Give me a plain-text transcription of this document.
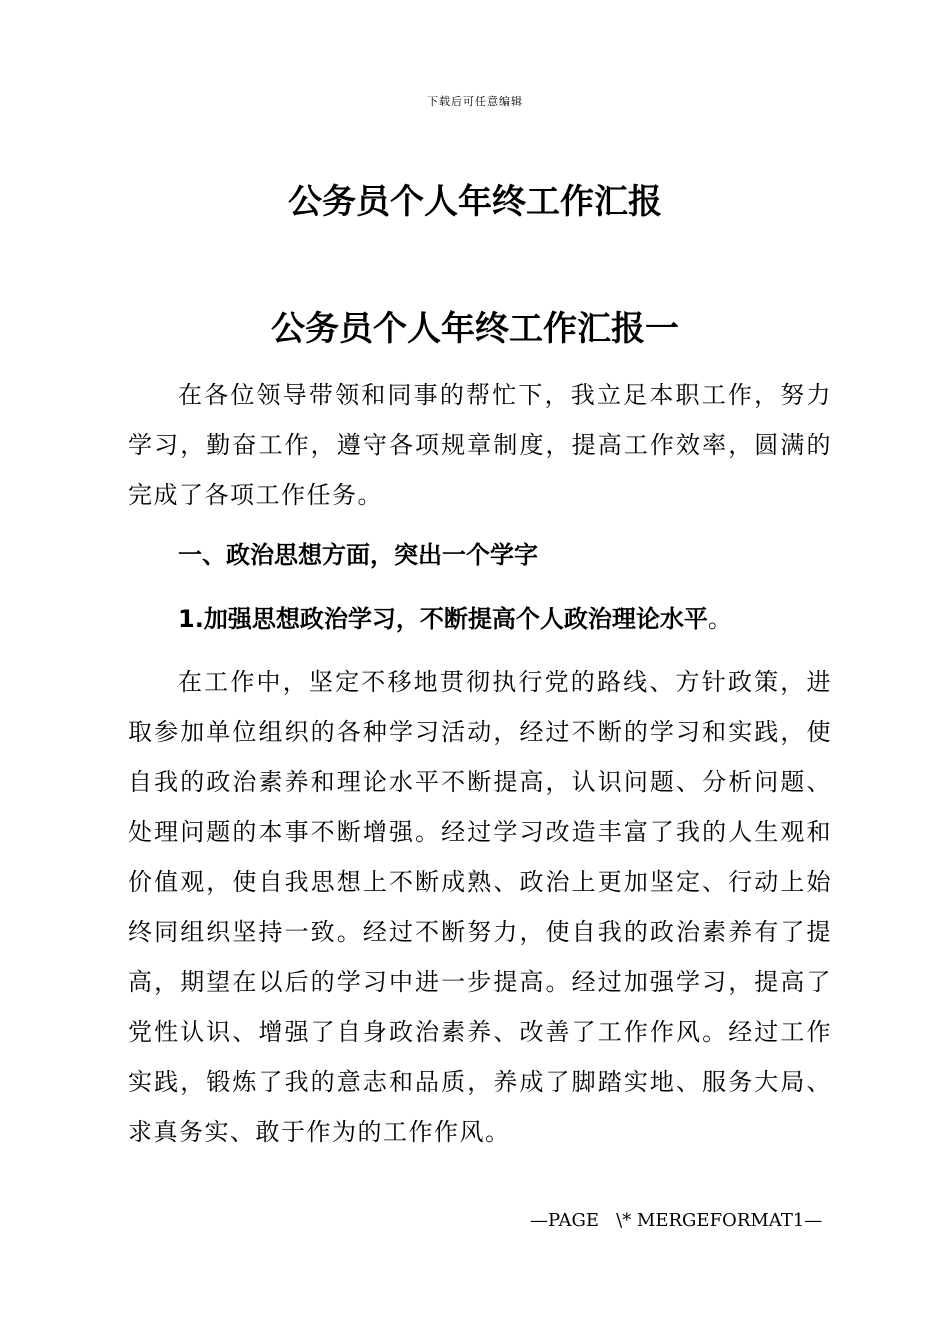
下载后可任意编辑
公务员个人年终工作汇报
公务员个人年终工作汇报一

在各位领导带领和同事的帮忙下，我立足本职工作，努力学习，勤奋工作，遵守各项规章制度，提高工作效率，圆满的完成了各项工作任务。

一、政治思想方面，突出一个学字

1.加强思想政治学习，不断提高个人政治理论水平。

在工作中，坚定不移地贯彻执行党的路线、方针政策，进取参加单位组织的各种学习活动，经过不断的学习和实践，使自我的政治素养和理论水平不断提高，认识问题、分析问题、处理问题的本事不断增强。经过学习改造丰富了我的人生观和价值观，使自我思想上不断成熟、政治上更加坚定、行动上始终同组织坚持一致。经过不断努力，使自我的政治素养有了提高，期望在以后的学习中进一步提高。经过加强学习，提高了党性认识、增强了自身政治素养、改善了工作作风。经过工作实践，锻炼了我的意志和品质，养成了脚踏实地、服务大局、求真务实、敢于作为的工作作风。

—PAGE   \* MERGEFORMAT1—
